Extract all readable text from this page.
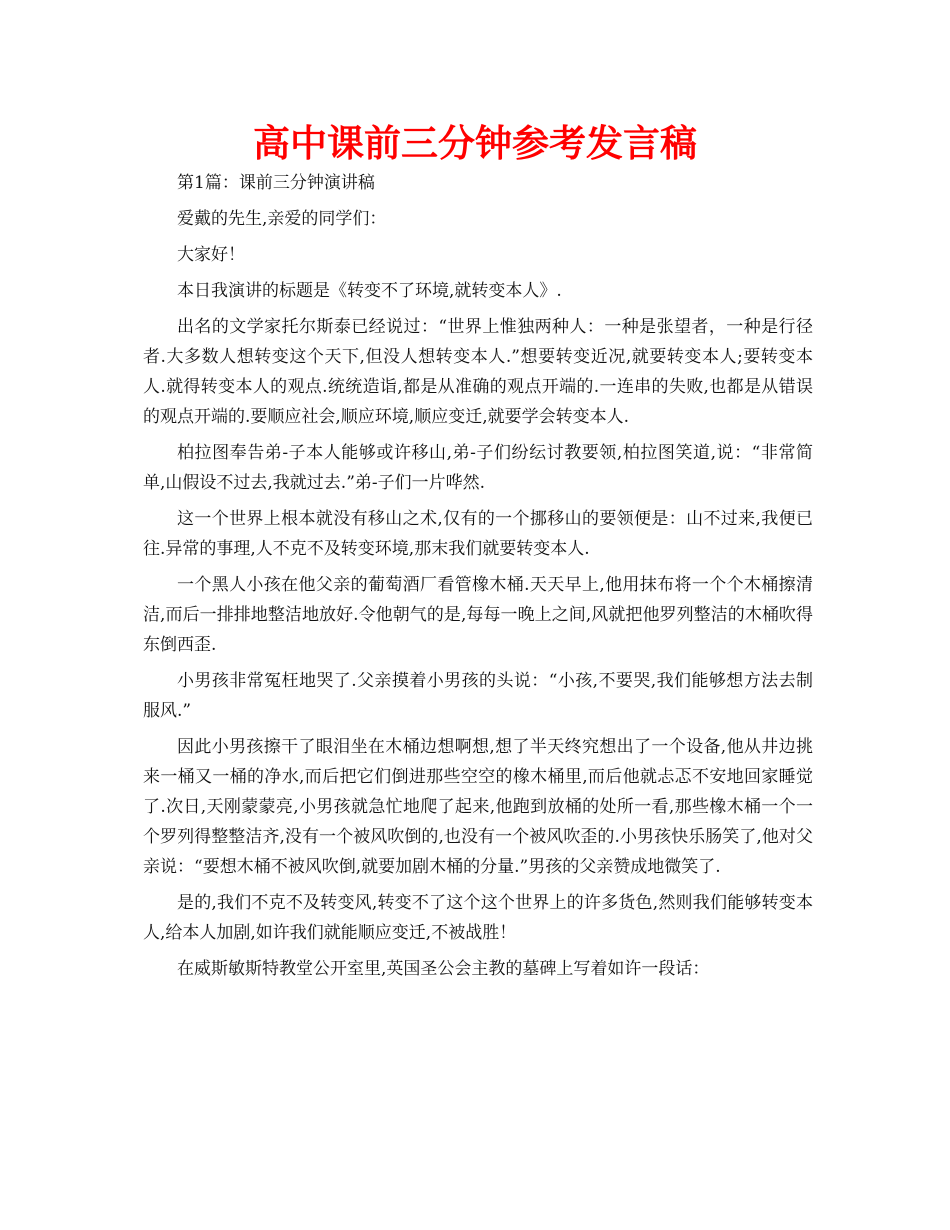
高中课前三分钟参考发言稿

第1篇：课前三分钟演讲稿

爱戴的先生,亲爱的同学们：

大家好！

本日我演讲的标题是《转变不了环境,就转变本人》.

出名的文学家托尔斯泰已经说过：“世界上惟独两种人：一种是张望者，一种是行径者.大多数人想转变这个天下,但没人想转变本人.”想要转变近况,就要转变本人;要转变本人.就得转变本人的观点.统统造诣,都是从准确的观点开端的.一连串的失败,也都是从错误的观点开端的.要顺应社会,顺应环境,顺应变迁,就要学会转变本人.

柏拉图奉告弟-子本人能够或许移山,弟-子们纷纭讨教要领,柏拉图笑道,说：“非常简单,山假设不过去,我就过去.”弟-子们一片哗然.

这一个世界上根本就没有移山之术,仅有的一个挪移山的要领便是：山不过来,我便已往.异常的事理,人不克不及转变环境,那末我们就要转变本人.

一个黑人小孩在他父亲的葡萄酒厂看管橡木桶.天天早上,他用抹布将一个个木桶擦清洁,而后一排排地整洁地放好.令他朝气的是,每每一晚上之间,风就把他罗列整洁的木桶吹得东倒西歪.

小男孩非常冤枉地哭了.父亲摸着小男孩的头说：“小孩,不要哭,我们能够想方法去制服风.”

因此小男孩擦干了眼泪坐在木桶边想啊想,想了半天终究想出了一个设备,他从井边挑来一桶又一桶的净水,而后把它们倒进那些空空的橡木桶里,而后他就忐忑不安地回家睡觉了.次日,天刚蒙蒙亮,小男孩就急忙地爬了起来,他跑到放桶的处所一看,那些橡木桶一个一个罗列得整整洁齐,没有一个被风吹倒的,也没有一个被风吹歪的.小男孩快乐肠笑了,他对父亲说：“要想木桶不被风吹倒,就要加剧木桶的分量.”男孩的父亲赞成地微笑了.

是的,我们不克不及转变风,转变不了这个这个世界上的许多货色,然则我们能够转变本人,给本人加剧,如许我们就能顺应变迁,不被战胜！

在威斯敏斯特教堂公开室里,英国圣公会主教的墓碑上写着如许一段话：
